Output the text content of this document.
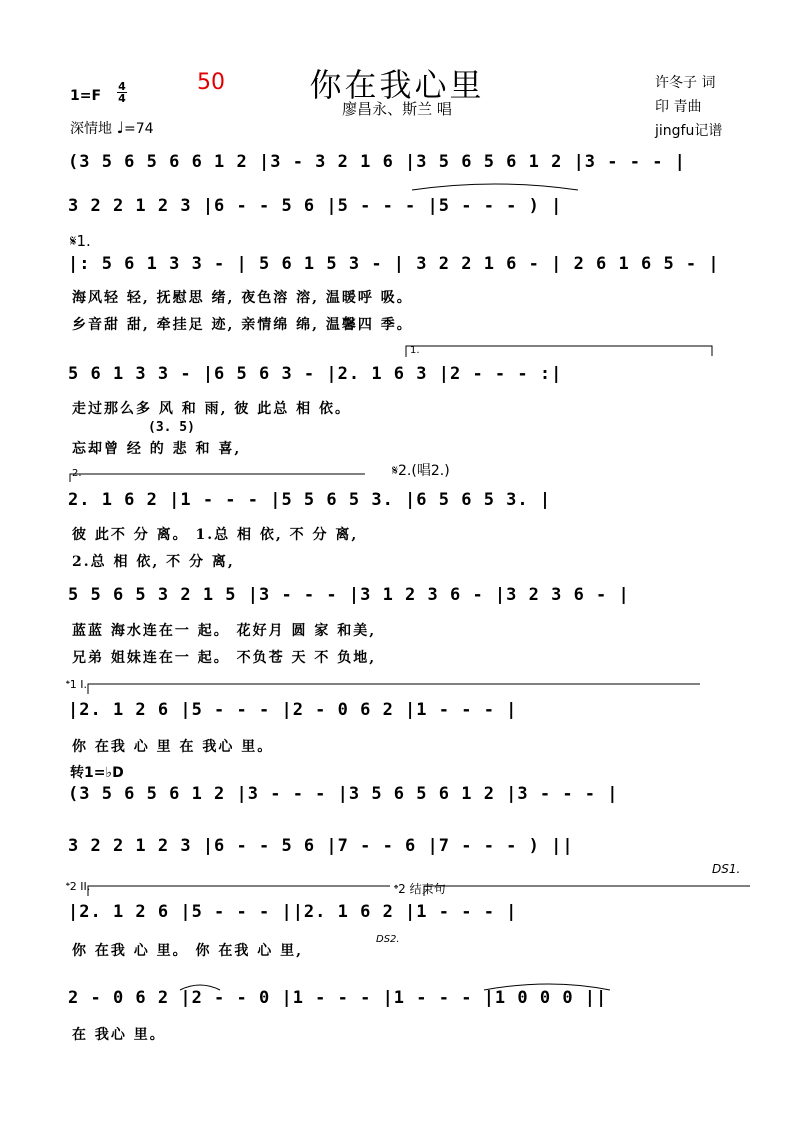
50	你在我心里
廖昌永、斯兰 唱
$1=F \frac{4}{4}$
深情地 ♩=74
许冬子 词
印 青曲
jingfu记谱
(3 5 6 5 6 6 1 2 |3 - 3 2 1 6 |3 5 6 5 6 1 2 |3 - - - |
3 2 2 1 2 3 |6 - - 5 6 |5 - - - |5 - - - ) |
𝄋1.
|: 5 6 1 3 3 - | 5 6 1 5 3 - | 3 2 2 1 6 - | 2 6 1 6 5 - |
海风轻 轻, 抚慰思 绪, 夜色溶 溶, 温暖呼 吸。
乡音甜 甜, 牵挂足 迹, 亲情绵 绵, 温馨四 季。
1.
5 6 1 3 3 - |6 5 6 3 - |2. 1 6 3 |2 - - - :|
走过那么多 风 和 雨, 彼 此总 相 依。
(3. 5)
忘却曾 经 的 悲 和 喜,
2.	𝄋2.(唱2.)
2. 1 6 2 |1 - - - |5 5 6 5 3. |6 5 6 5 3. |
彼 此不 分 离。 1.总 相 依, 不 分 离,
2.总 相 依, 不 分 离,
5 5 6 5 3 2 1 5 |3 - - - |3 1 2 3 6 - |3 2 3 6 - |
蓝蓝 海水连在一 起。 花好月 圆 家 和美,
兄弟 姐妹连在一 起。 不负苍 天 不 负地,
𝄌1 I.
|2. 1 2 6 |5 - - - |2 - 0 6 2 |1 - - - |
你 在我 心 里 在 我心 里。
转1=♭D
(3 5 6 5 6 1 2 |3 - - - |3 5 6 5 6 1 2 |3 - - - |
3 2 2 1 2 3 |6 - - 5 6 |7 - - 6 |7 - - - ) ||
DS1.
𝄌2 II.	𝄌2 结束句
|2. 1 2 6 |5 - - - ||2. 1 6 2 |1 - - - |
DS2.
你 在我 心 里。 你 在我 心 里,
2 - 0 6 2 |2 - - 0 |1 - - - |1 - - - |1 0 0 0 ||
在 我心 里。
